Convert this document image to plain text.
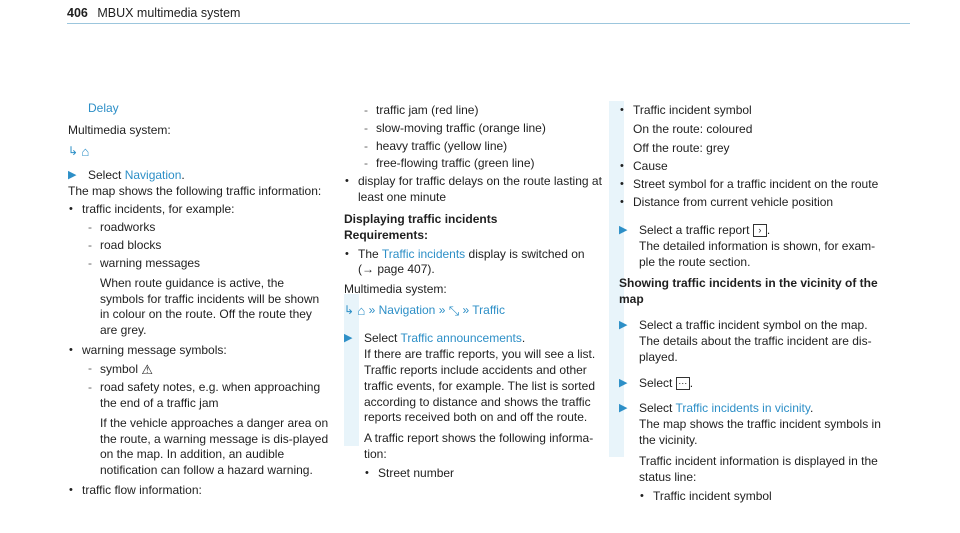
406 MBUX multimedia system

Delay

Multimedia system:

↳ ⌂

▶ Select Navigation.

The map shows the following traffic information:

• traffic incidents, for example:
- roadworks
- road blocks
- warning messages

When route guidance is active, the symbols for traffic incidents will be shown in colour on the route. Off the route they are grey.

• warning message symbols:
- symbol ⚠
- road safety notes, e.g. when approaching the end of a traffic jam

If the vehicle approaches a danger area on the route, a warning message is dis-played on the map. In addition, an audible notification can follow a hazard warning.

• traffic flow information:
- traffic jam (red line)
- slow-moving traffic (orange line)
- heavy traffic (yellow line)
- free-flowing traffic (green line)
• display for traffic delays on the route lasting at least one minute
Displaying traffic incidents

Requirements:

• The Traffic incidents display is switched on
(→ page 407).

Multimedia system:

↳ ⌂ » Navigation » ⤡ » Traffic

▶ Select Traffic announcements.

If there are traffic reports, you will see a list. Traffic reports include accidents and other traffic events, for example. The list is sorted according to distance and shows the traffic reports received both on and off the route.

A traffic report shows the following informa-tion:

• Street number
• Traffic incident symbol

On the route: coloured

Off the route: grey

• Cause
• Street symbol for a traffic incident on the route
• Distance from current vehicle position
▶ Select a traffic report › .

The detailed information is shown, for exam-ple the route section.

Showing traffic incidents in the vicinity of the map
▶ Select a traffic incident symbol on the map. The details about the traffic incident are dis-played.
▶ Select ⋯ .
▶ Select Traffic incidents in vicinity.

The map shows the traffic incident symbols in the vicinity.

Traffic incident information is displayed in the status line:

• Traffic incident symbol
